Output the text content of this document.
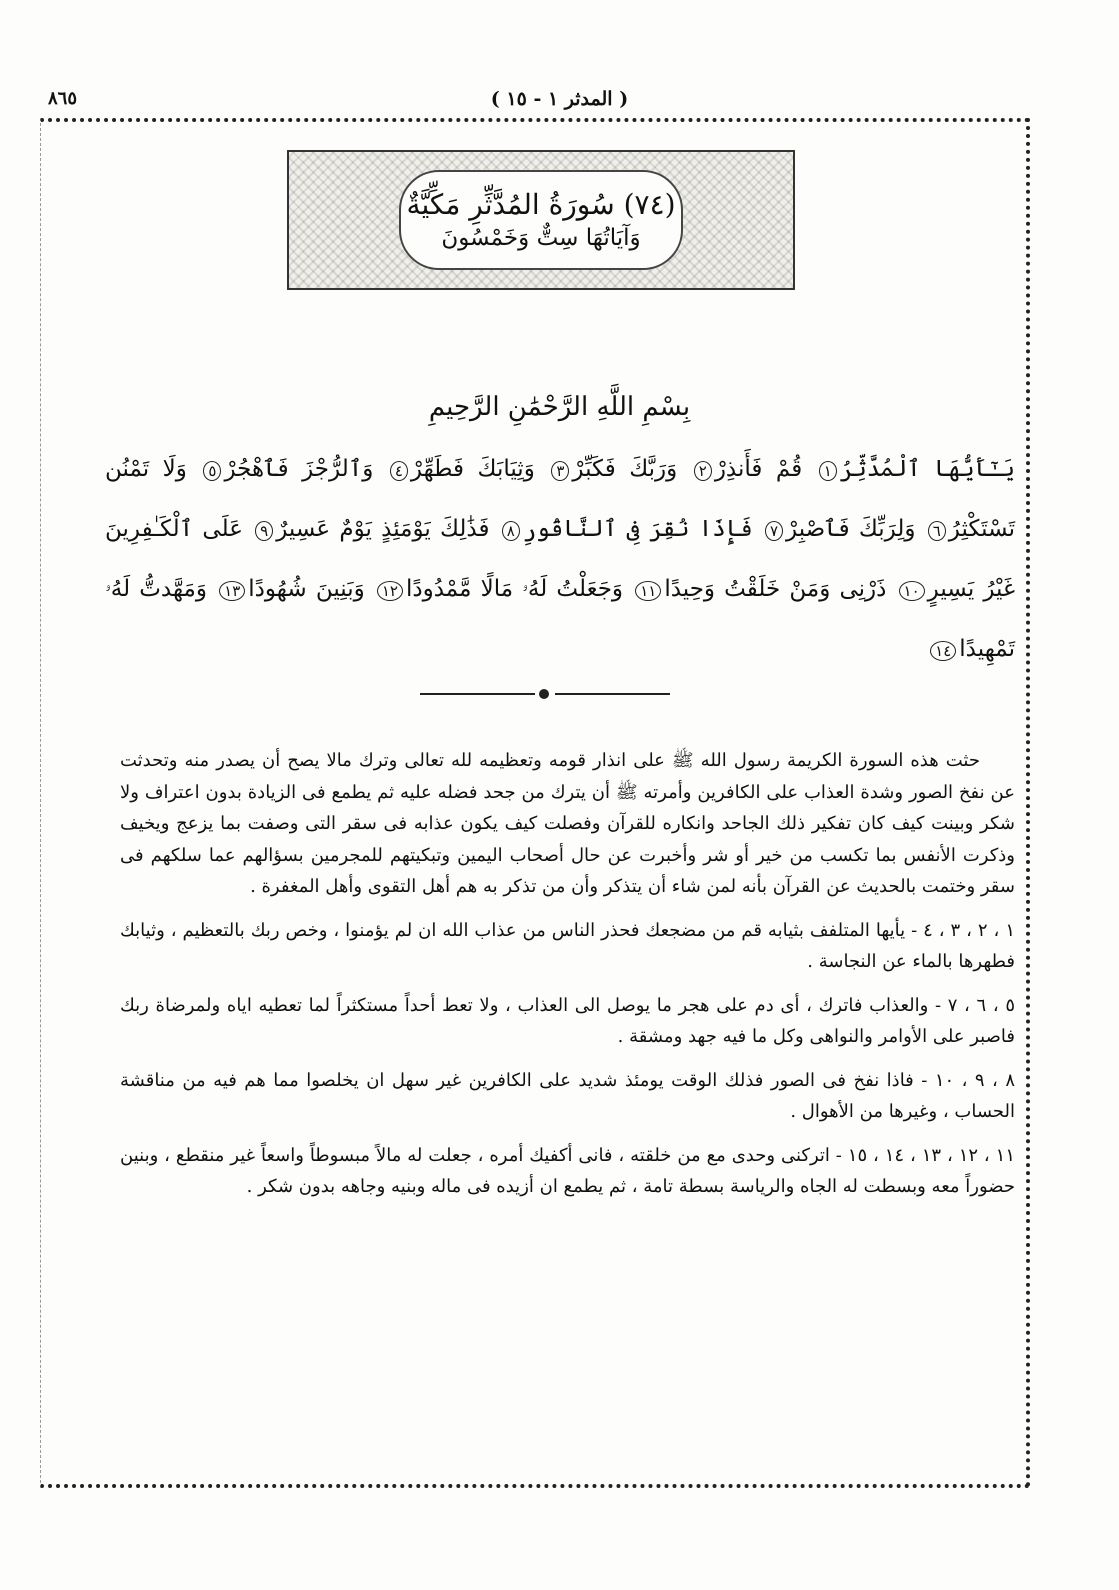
( المدثر ١ - ١٥ )
٨٦٥
(٧٤) سُورَةُ المُدَّثِّرِ مَكِّيَّةٌ
وَآيَاتُهَا سِتٌّ وَخَمْسُونَ
بِسْمِ اللَّهِ الرَّحْمَٰنِ الرَّحِيمِ
يَـٰٓأَيُّهَا ٱلْمُدَّثِّرُ١ قُمْ فَأَنذِرْ٢ وَرَبَّكَ فَكَبِّرْ٣ وَثِيَابَكَ فَطَهِّرْ٤ وَٱلرُّجْزَ فَٱهْجُرْ٥ وَلَا تَمْنُن تَسْتَكْثِرُ٦ وَلِرَبِّكَ فَٱصْبِرْ٧ فَإِذَا نُقِرَ فِى ٱلنَّاقُورِ٨ فَذَٰلِكَ يَوْمَئِذٍ يَوْمٌ عَسِيرٌ٩ عَلَى ٱلْكَـٰفِرِينَ غَيْرُ يَسِيرٍ١٠ ذَرْنِى وَمَنْ خَلَقْتُ وَحِيدًا١١ وَجَعَلْتُ لَهُۥ مَالًا مَّمْدُودًا١٢ وَبَنِينَ شُهُودًا١٣ وَمَهَّدتُّ لَهُۥ تَمْهِيدًا١٤

حثت هذه السورة الكريمة رسول الله ﷺ على انذار قومه وتعظيمه لله تعالى وترك مالا يصح أن يصدر منه وتحدثت عن نفخ الصور وشدة العذاب على الكافرين وأمرته ﷺ أن يترك من جحد فضله عليه ثم يطمع فى الزيادة بدون اعتراف ولا شكر وبينت كيف كان تفكير ذلك الجاحد وانكاره للقرآن وفصلت كيف يكون عذابه فى سقر التى وصفت بما يزعج ويخيف وذكرت الأنفس بما تكسب من خير أو شر وأخبرت عن حال أصحاب اليمين وتبكيتهم للمجرمين بسؤالهم عما سلكهم فى سقر وختمت بالحديث عن القرآن بأنه لمن شاء أن يتذكر وأن من تذكر به هم أهل التقوى وأهل المغفرة .

١ ، ٢ ، ٣ ، ٤ - يأيها المتلفف بثيابه قم من مضجعك فحذر الناس من عذاب الله ان لم يؤمنوا ، وخص ربك بالتعظيم ، وثيابك فطهرها بالماء عن النجاسة .

٥ ، ٦ ، ٧ - والعذاب فاترك ، أى دم على هجر ما يوصل الى العذاب ، ولا تعط أحداً مستكثراً لما تعطيه اياه ولمرضاة ربك فاصبر على الأوامر والنواهى وكل ما فيه جهد ومشقة .

٨ ، ٩ ، ١٠ - فاذا نفخ فى الصور فذلك الوقت يومئذ شديد على الكافرين غير سهل ان يخلصوا مما هم فيه من مناقشة الحساب ، وغيرها من الأهوال .

١١ ، ١٢ ، ١٣ ، ١٤ ، ١٥ - اتركنى وحدى مع من خلقته ، فانى أكفيك أمره ، جعلت له مالاً مبسوطاً واسعاً غير منقطع ، وبنين حضوراً معه وبسطت له الجاه والرياسة بسطة تامة ، ثم يطمع ان أزيده فى ماله وبنيه وجاهه بدون شكر .
